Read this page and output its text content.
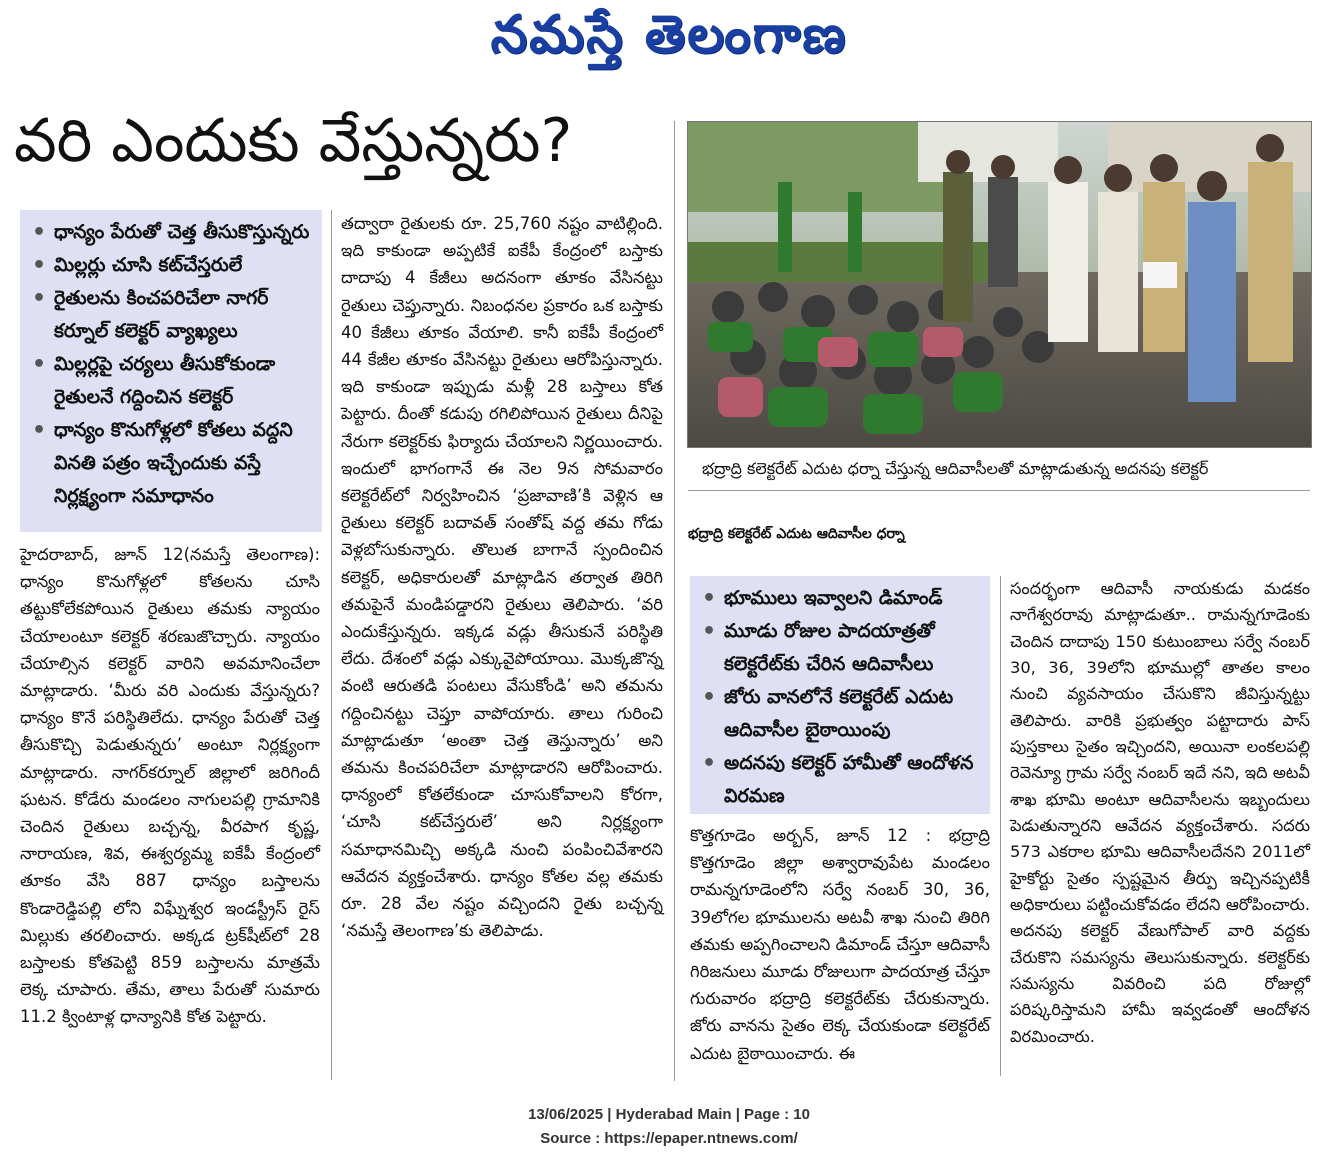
నమస్తే తెలంగాణ
వరి ఎందుకు వేస్తున్నరు?
• ధాన్యం పేరుతో చెత్త తీసుకొస్తున్నరు
• మిల్లర్లు చూసి కట్‌చేస్తరులే
• రైతులను కించపరిచేలా నాగర్‌ కర్నూల్‌ కలెక్టర్‌ వ్యాఖ్యలు
• మిల్లర్లపై చర్యలు తీసుకోకుండా రైతులనే గద్దించిన కలెక్టర్‌
• ధాన్యం కొనుగోళ్లలో కోతలు వద్దని వినతి పత్రం ఇచ్చేందుకు వస్తే నిర్లక్ష్యంగా సమాధానం

హైదరాబాద్‌, జూన్‌ 12(నమస్తే తెలంగాణ): ధాన్యం కొనుగోళ్లలో కోతలను చూసి తట్టుకోలేకపోయిన రైతులు తమకు న్యాయం చేయాలంటూ కలెక్టర్‌ శరణుజొచ్చారు. న్యాయం చేయాల్సిన కలెక్టర్‌ వారిని అవమానించేలా మాట్లాడారు. ‘మీరు వరి ఎందుకు వేస్తున్నరు? ధాన్యం కొనే పరిస్థితిలేదు. ధాన్యం పేరుతో చెత్త తీసుకొచ్చి పెడుతున్నరు’ అంటూ నిర్లక్ష్యంగా మాట్లాడారు. నాగర్‌కర్నూల్‌ జిల్లాలో జరిగిందీ ఘటన. కోడేరు మండలం నాగులపల్లి గ్రామానికి చెందిన రైతులు బచ్చన్న, వీరపాగ కృష్ణ, నారాయణ, శివ, ఈశ్వర్యమ్మ ఐకేపీ కేంద్రంలో తూకం వేసి 887 ధాన్యం బస్తాలను కొండారెడ్డిపల్లి లోని విఘ్నేశ్వర ఇండస్ట్రీస్‌ రైస్‌ మిల్లుకు తరలించారు. అక్కడ ట్రక్‌షీట్‌లో 28 బస్తాలకు కోతపెట్టి 859 బస్తాలను మాత్రమే లెక్క చూపారు. తేమ, తాలు పేరుతో సుమారు 11.2 క్వింటాళ్ల ధాన్యానికి కోత పెట్టారు.

తద్వారా రైతులకు రూ. 25,760 నష్టం వాటిల్లింది. ఇది కాకుండా అప్పటికే ఐకేపీ కేంద్రంలో బస్తాకు దాదాపు 4 కేజీలు అదనంగా తూకం వేసినట్టు రైతులు చెప్తున్నారు. నిబంధనల ప్రకారం ఒక బస్తాకు 40 కేజీలు తూకం వేయాలి. కానీ ఐకేపీ కేంద్రంలో 44 కేజీల తూకం వేసినట్టు రైతులు ఆరోపిస్తున్నారు. ఇది కాకుండా ఇప్పుడు మళ్లీ 28 బస్తాలు కోత పెట్టారు. దీంతో కడుపు రగిలిపోయిన రైతులు దీనిపై నేరుగా కలెక్టర్‌కు ఫిర్యాదు చేయాలని నిర్ణయించారు. ఇందులో భాగంగానే ఈ నెల 9న సోమవారం కలెక్టరేట్‌లో నిర్వహించిన ‘ప్రజావాణి’కి వెళ్లిన ఆ రైతులు కలెక్టర్‌ బదావత్‌ సంతోష్‌ వద్ద తమ గోడు వెళ్లబోసుకున్నారు. తొలుత బాగానే స్పందించిన కలెక్టర్‌, అధికారులతో మాట్లాడిన తర్వాత తిరిగి తమపైనే మండిపడ్డారని రైతులు తెలిపారు. ‘వరి ఎందుకేస్తున్నరు. ఇక్కడ వడ్లు తీసుకునే పరిస్థితి లేదు. దేశంలో వడ్లు ఎక్కువైపోయాయి. మొక్కజొన్న వంటి ఆరుతడి పంటలు వేసుకోండి’ అని తమను గద్దించినట్టు చెప్తూ వాపోయారు. తాలు గురించి మాట్లాడుతూ ‘అంతా చెత్త తెస్తున్నారు’ అని తమను కించపరిచేలా మాట్లాడారని ఆరోపించారు. ధాన్యంలో కోతలేకుండా చూసుకోవాలని కోరగా, ‘చూసి కట్‌చేస్తరులే’ అని నిర్లక్ష్యంగా సమాధానమిచ్చి అక్కడి నుంచి పంపించివేశారని ఆవేదన వ్యక్తంచేశారు. ధాన్యం కోతల వల్ల తమకు రూ. 28 వేల నష్టం వచ్చిందని రైతు బచ్చన్న ‘నమస్తే తెలంగాణ’కు తెలిపాడు.

భద్రాద్రి కలెక్టరేట్‌ ఎదుట ధర్నా చేస్తున్న ఆదివాసీలతో మాట్లాడుతున్న అదనపు కలెక్టర్‌
భద్రాద్రి కలెక్టరేట్‌ ఎదుట ఆదివాసీల ధర్నా
• భూములు ఇవ్వాలని డిమాండ్‌
• మూడు రోజుల పాదయాత్రతో కలెక్టరేట్‌కు చేరిన ఆదివాసీలు
• జోరు వానలోనే కలెక్టరేట్‌ ఎదుట ఆదివాసీల బైఠాయింపు
• అదనపు కలెక్టర్‌ హామీతో ఆందోళన విరమణ

కొత్తగూడెం అర్బన్‌, జూన్‌ 12 : భద్రాద్రి కొత్తగూడెం జిల్లా అశ్వారావుపేట మండలం రామన్నగూడెంలోని సర్వే నంబర్‌ 30, 36, 39లోగల భూములను అటవీ శాఖ నుంచి తిరిగి తమకు అప్పగించాలని డిమాండ్‌ చేస్తూ ఆదివాసీ గిరిజనులు మూడు రోజులుగా పాదయాత్ర చేస్తూ గురువారం భద్రాద్రి కలెక్టరేట్‌కు చేరుకున్నారు. జోరు వానను సైతం లెక్క చేయకుండా కలెక్టరేట్‌ ఎదుట బైఠాయించారు. ఈ

సందర్భంగా ఆదివాసీ నాయకుడు మడకం నాగేశ్వరరావు మాట్లాడుతూ.. రామన్నగూడెంకు చెందిన దాదాపు 150 కుటుంబాలు సర్వే నంబర్‌ 30, 36, 39లోని భూముల్లో తాతల కాలం నుంచి వ్యవసాయం చేసుకొని జీవిస్తున్నట్టు తెలిపారు. వారికి ప్రభుత్వం పట్టాదారు పాస్‌ పుస్తకాలు సైతం ఇచ్చిందని, అయినా లంకలపల్లి రెవెన్యూ గ్రామ సర్వే నంబర్‌ ఇదే నని, ఇది అటవీ శాఖ భూమి అంటూ ఆదివాసీలను ఇబ్బందులు పెడుతున్నారని ఆవేదన వ్యక్తంచేశారు. సదరు 573 ఎకరాల భూమి ఆదివాసీలదేనని 2011లో హైకోర్టు సైతం స్పష్టమైన తీర్పు ఇచ్చినప్పటికీ అధికారులు పట్టించుకోవడం లేదని ఆరోపించారు. అదనపు కలెక్టర్‌ వేణుగోపాల్‌ వారి వద్దకు చేరుకొని సమస్యను తెలుసుకున్నారు. కలెక్టర్‌కు సమస్యను వివరించి పది రోజుల్లో పరిష్కరిస్తామని హామీ ఇవ్వడంతో ఆందోళన విరమించారు.

13/06/2025 | Hyderabad Main | Page : 10
Source : https://epaper.ntnews.com/
